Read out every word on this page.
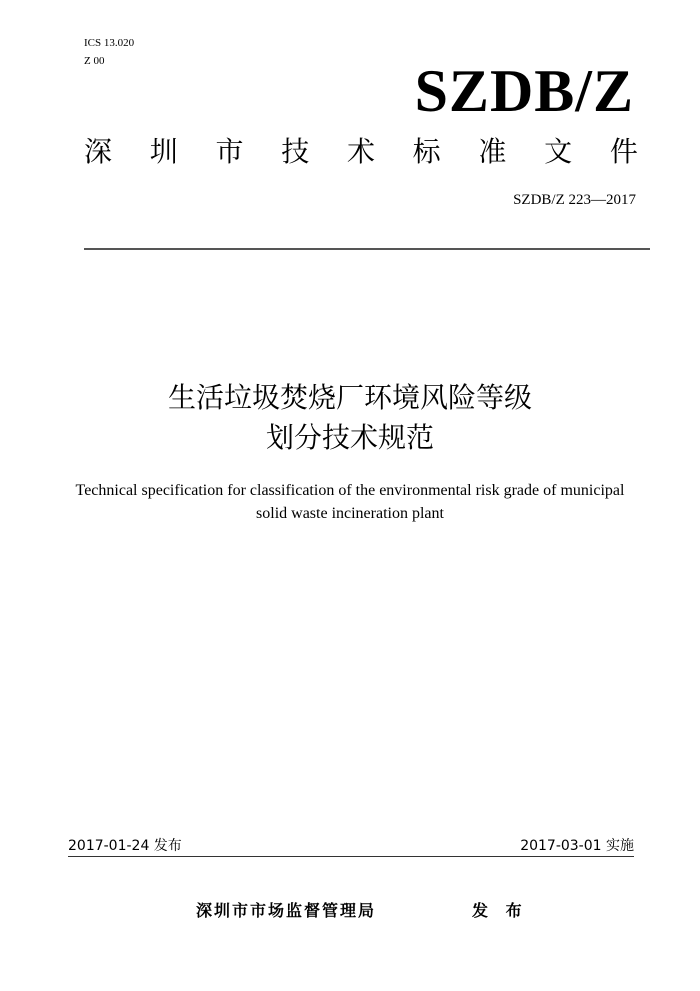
ICS 13.020
Z 00	SZDB/Z
深 圳 市 技 术 标 准 文 件
SZDB/Z 223—2017
生活垃圾焚烧厂环境风险等级
划分技术规范
Technical specification for classification of the environmental risk grade of municipal
solid waste incineration plant
2017-01-24 发布	2017-03-01 实施
深圳市市场监督管理局	发 布
